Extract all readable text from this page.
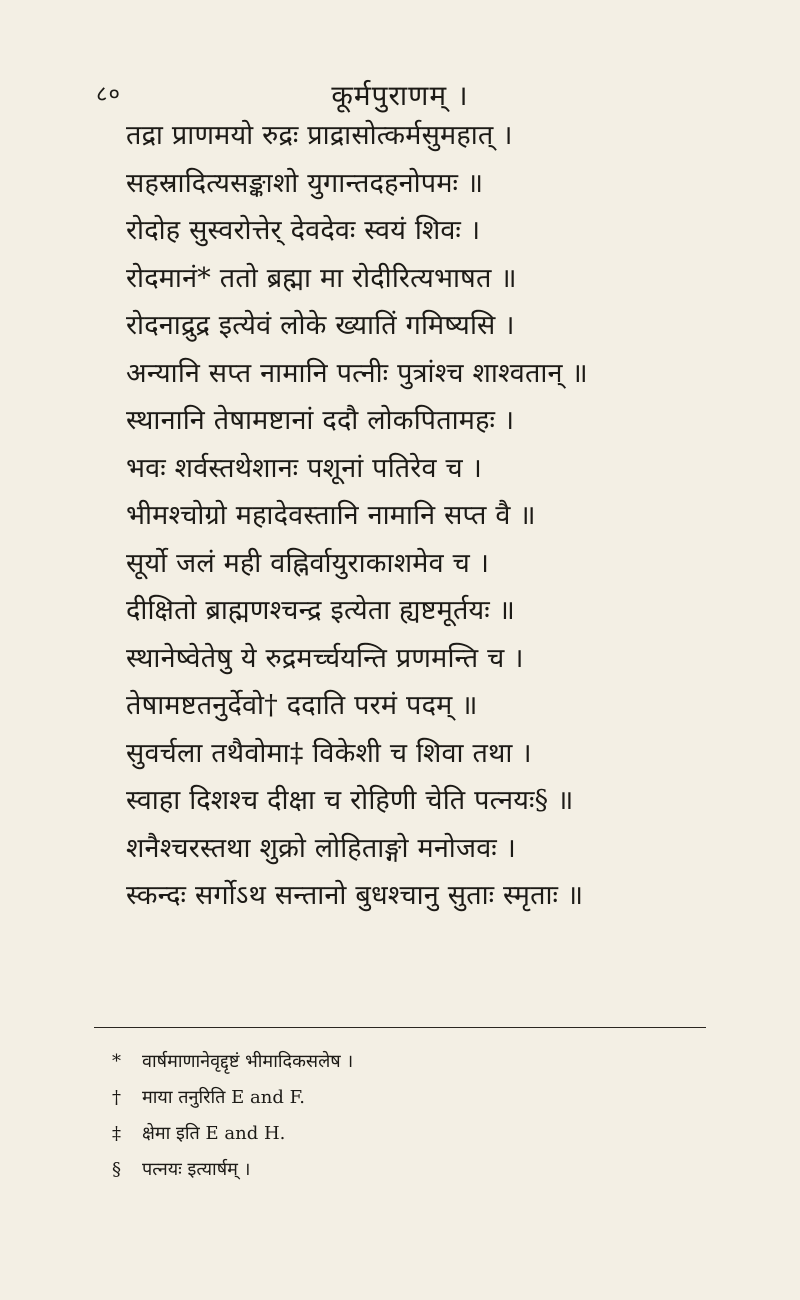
८०	कूर्मपुराणम् ।
तद्रा प्राणमयो रुद्रः प्राद्रासोत्कर्मसुमहात् ।
सहस्रादित्यसङ्काशो युगान्तदहनोपमः ॥
रोदोह सुस्वरोत्तेर् देवदेवः स्वयं शिवः ।
रोदमानं* ततो ब्रह्मा मा रोदीरित्यभाषत ॥
रोदनाद्रुद्र इत्येवं लोके ख्यातिं गमिष्यसि ।
अन्यानि सप्त नामानि पत्नीः पुत्रांश्च शाश्वतान् ॥
स्थानानि तेषामष्टानां ददौ लोकपितामहः ।
भवः शर्वस्तथेशानः पशूनां पतिरेव च ।
भीमश्चोग्रो महादेवस्तानि नामानि सप्त वै ॥
सूर्यो जलं मही वह्निर्वायुराकाशमेव च ।
दीक्षितो ब्राह्मणश्चन्द्र इत्येता ह्यष्टमूर्तयः ॥
स्थानेष्वेतेषु ये रुद्रमर्च्चयन्ति प्रणमन्ति च ।
तेषामष्टतनुर्देवो† ददाति परमं पदम् ॥
सुवर्चला तथैवोमा‡ विकेशी च शिवा तथा ।
स्वाहा दिशश्च दीक्षा च रोहिणी चेति पत्नयः§ ॥
शनैश्चरस्तथा शुक्रो लोहिताङ्गो मनोजवः ।
स्कन्दः सर्गोऽथ सन्तानो बुधश्चानु सुताः स्मृताः ॥
* वार्षमाणानेवृद्दृष्टं भीमादिकसलेष ।
† माया तनुरिति E and F.
‡ क्षेमा इति E and H.
§ पत्नयः इत्यार्षम् ।
